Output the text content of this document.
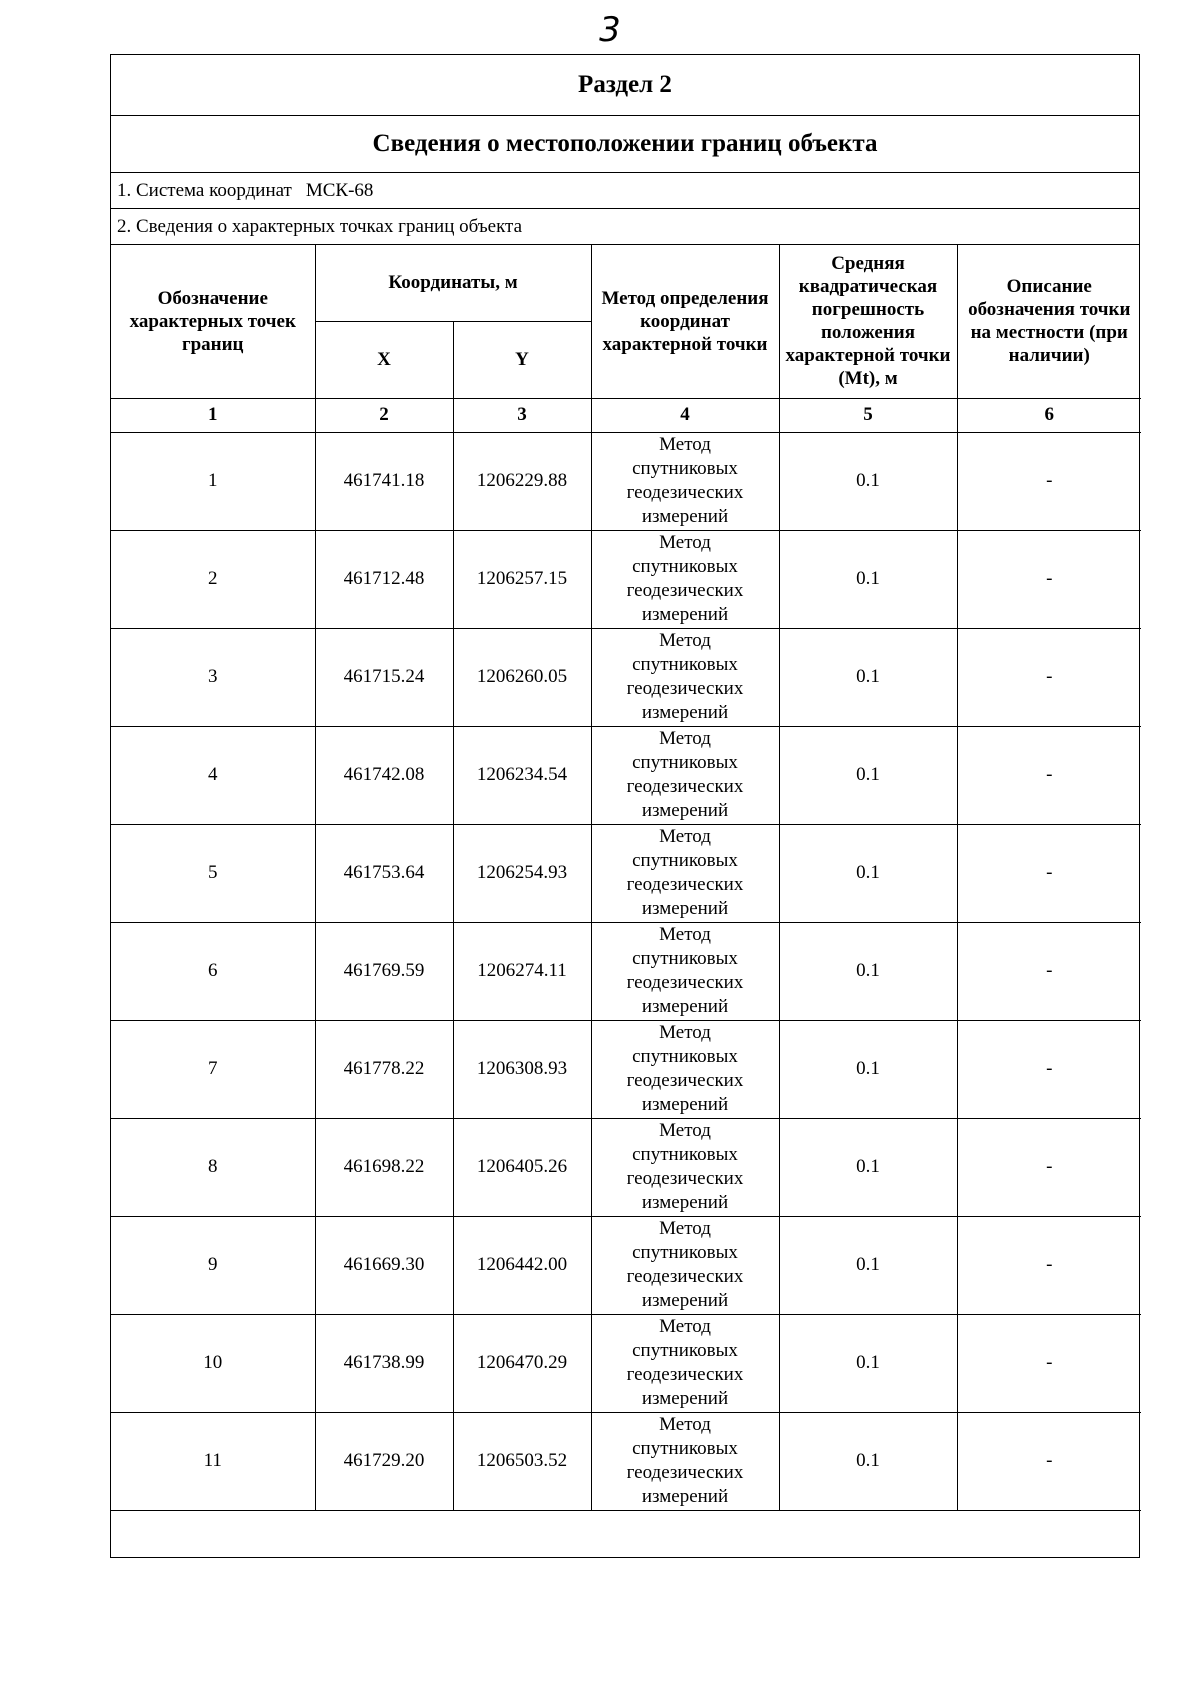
3
Раздел 2
Сведения о местоположении границ объекта
1. Система координат МСК-68
2. Сведения о характерных точках границ объекта
Обозначение характерных точек границ	Координаты, м		Метод определения координат характерной точки	Средняя квадратическая погрешность положения характерной точки (Mt), м	Описание обозначения точки на местности (при наличии)
	X	Y			
1	2	3	4	5	6
1	461741.18	1206229.88	Метод
спутниковых
геодезических
измерений	0.1	-
2	461712.48	1206257.15	Метод
спутниковых
геодезических
измерений	0.1	-
3	461715.24	1206260.05	Метод
спутниковых
геодезических
измерений	0.1	-
4	461742.08	1206234.54	Метод
спутниковых
геодезических
измерений	0.1	-
5	461753.64	1206254.93	Метод
спутниковых
геодезических
измерений	0.1	-
6	461769.59	1206274.11	Метод
спутниковых
геодезических
измерений	0.1	-
7	461778.22	1206308.93	Метод
спутниковых
геодезических
измерений	0.1	-
8	461698.22	1206405.26	Метод
спутниковых
геодезических
измерений	0.1	-
9	461669.30	1206442.00	Метод
спутниковых
геодезических
измерений	0.1	-
10	461738.99	1206470.29	Метод
спутниковых
геодезических
измерений	0.1	-
11	461729.20	1206503.52	Метод
спутниковых
геодезических
измерений	0.1	-
